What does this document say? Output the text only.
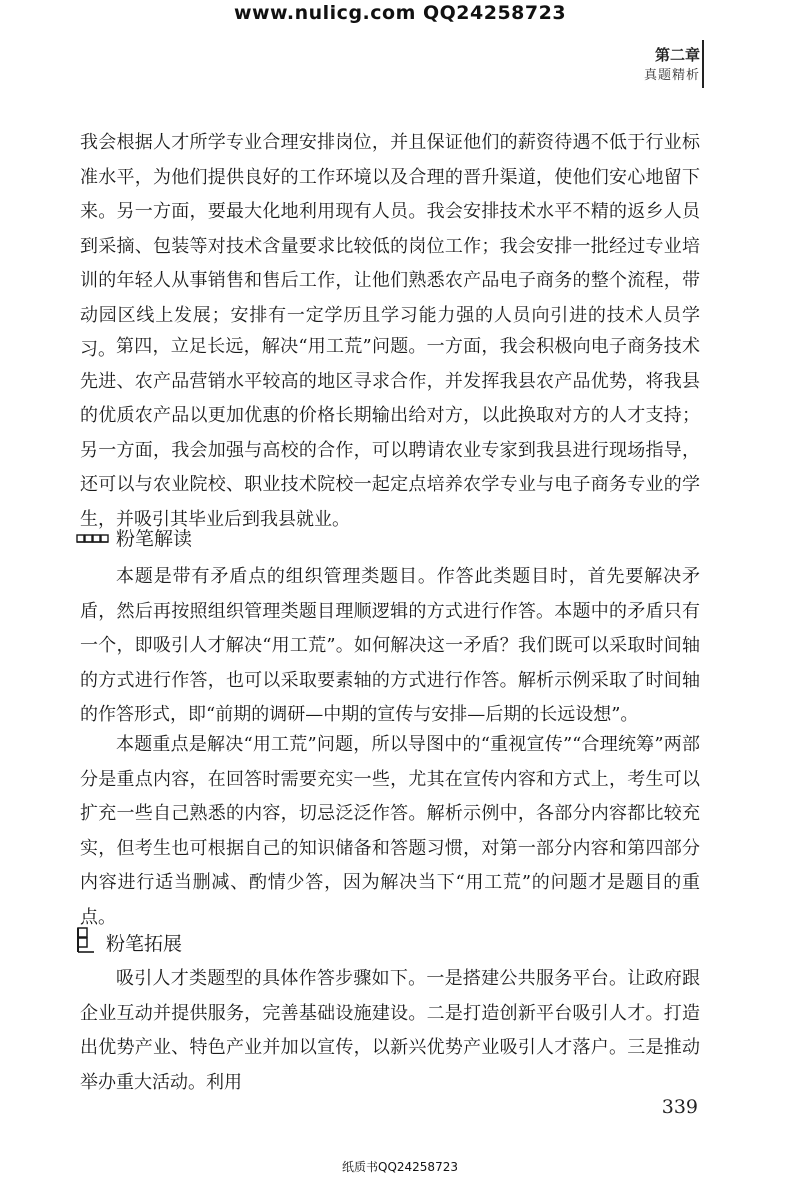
www.nulicg.com QQ24258723
第二章
真题精析

我会根据人才所学专业合理安排岗位，并且保证他们的薪资待遇不低于行业标准水平，为他们提供良好的工作环境以及合理的晋升渠道，使他们安心地留下来。另一方面，要最大化地利用现有人员。我会安排技术水平不精的返乡人员到采摘、包装等对技术含量要求比较低的岗位工作；我会安排一批经过专业培训的年轻人从事销售和售后工作，让他们熟悉农产品电子商务的整个流程，带动园区线上发展；安排有一定学历且学习能力强的人员向引进的技术人员学习。 第四，立足长远，解决“用工荒”问题。一方面，我会积极向电子商务技术先进、农产品营销水平较高的地区寻求合作，并发挥我县农产品优势，将我县的优质农产品以更加优惠的价格长期输出给对方，以此换取对方的人才支持；另一方面，我会加强与高校的合作，可以聘请农业专家到我县进行现场指导，还可以与农业院校、职业技术院校一起定点培养农学专业与电子商务专业的学生，并吸引其毕业后到我县就业。

粉笔解读

本题是带有矛盾点的组织管理类题目。作答此类题目时，首先要解决矛盾，然后再按照组织管理类题目理顺逻辑的方式进行作答。本题中的矛盾只有一个，即吸引人才解决“用工荒”。如何解决这一矛盾？我们既可以采取时间轴的方式进行作答，也可以采取要素轴的方式进行作答。解析示例采取了时间轴的作答形式，即“前期的调研—中期的宣传与安排—后期的长远设想”。

本题重点是解决“用工荒”问题，所以导图中的“重视宣传”“合理统筹”两部分是重点内容，在回答时需要充实一些，尤其在宣传内容和方式上，考生可以扩充一些自己熟悉的内容，切忌泛泛作答。解析示例中，各部分内容都比较充实，但考生也可根据自己的知识储备和答题习惯，对第一部分内容和第四部分内容进行适当删减、酌情少答，因为解决当下“用工荒”的问题才是题目的重点。

粉笔拓展

吸引人才类题型的具体作答步骤如下。一是搭建公共服务平台。让政府跟企业互动并提供服务，完善基础设施建设。二是打造创新平台吸引人才。打造出优势产业、特色产业并加以宣传，以新兴优势产业吸引人才落户。三是推动举办重大活动。利用

339
纸质书QQ24258723
